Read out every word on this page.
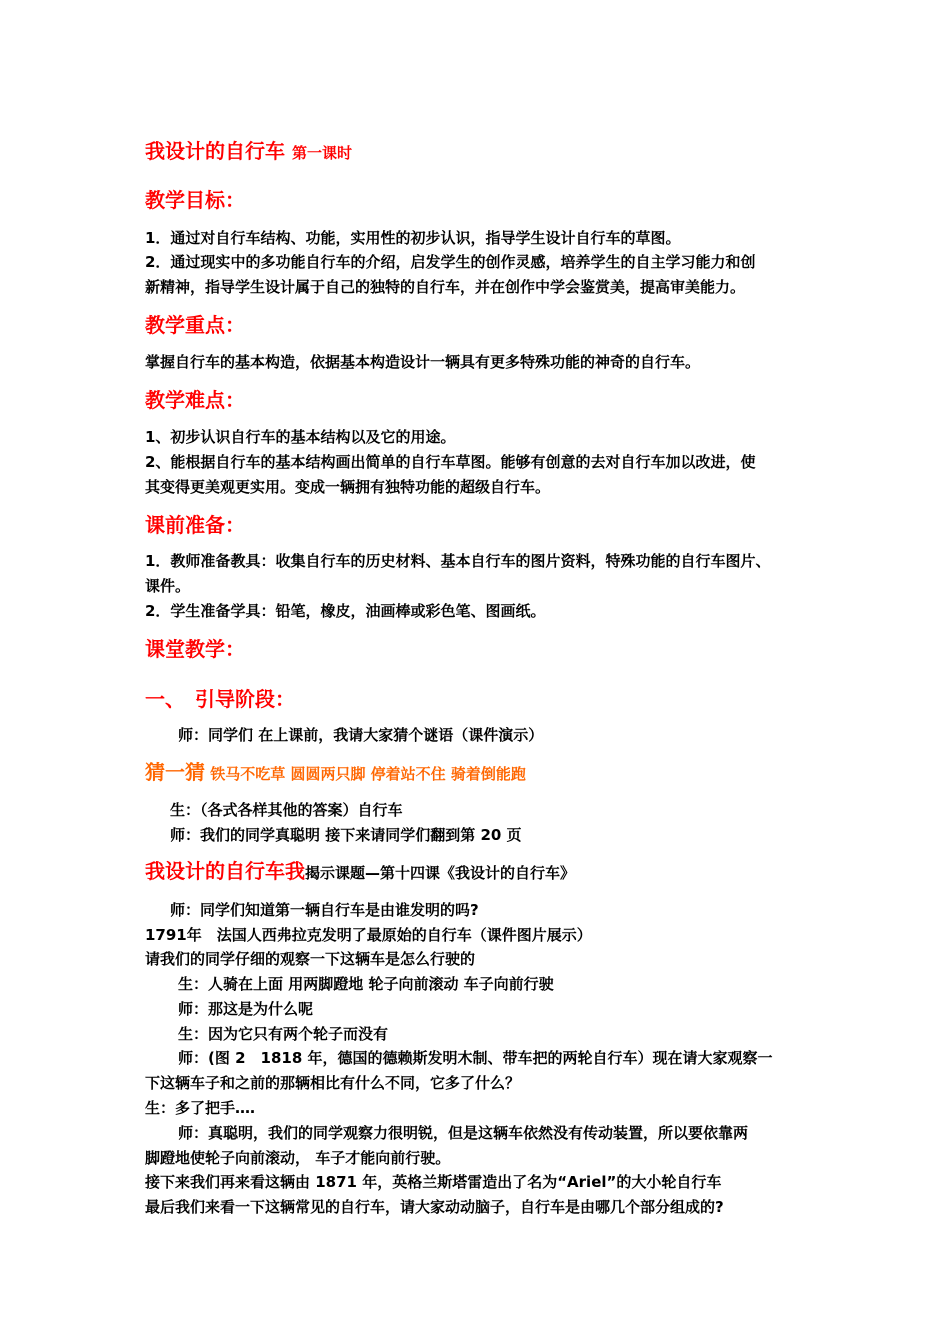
我设计的自行车 第一课时
教学目标：
1．通过对自行车结构、功能，实用性的初步认识，指导学生设计自行车的草图。
2．通过现实中的多功能自行车的介绍，启发学生的创作灵感，培养学生的自主学习能力和创
新精神，指导学生设计属于自己的独特的自行车，并在创作中学会鉴赏美，提高审美能力。
教学重点：
掌握自行车的基本构造，依据基本构造设计一辆具有更多特殊功能的神奇的自行车。
教学难点：
1、初步认识自行车的基本结构以及它的用途。
2、能根据自行车的基本结构画出简单的自行车草图。能够有创意的去对自行车加以改进，使
其变得更美观更实用。变成一辆拥有独特功能的超级自行车。
课前准备：
1．教师准备教具：收集自行车的历史材料、基本自行车的图片资料，特殊功能的自行车图片、
课件。
2．学生准备学具：铅笔，橡皮，油画棒或彩色笔、图画纸。
课堂教学：
一、　引导阶段：
师：同学们 在上课前，我请大家猜个谜语（课件演示）
猜一猜 铁马不吃草 圆圆两只脚 停着站不住 骑着倒能跑
生：（各式各样其他的答案）自行车
师：我们的同学真聪明 接下来请同学们翻到第 20 页
我设计的自行车我揭示课题—第十四课《我设计的自行车》
师：同学们知道第一辆自行车是由谁发明的吗?
1791年　法国人西弗拉克发明了最原始的自行车（课件图片展示）
请我们的同学仔细的观察一下这辆车是怎么行驶的
生：人骑在上面 用两脚蹬地 轮子向前滚动 车子向前行驶
师：那这是为什么呢
生：因为它只有两个轮子而没有
师：(图 2　1818 年，德国的德赖斯发明木制、带车把的两轮自行车）现在请大家观察一
下这辆车子和之前的那辆相比有什么不同，它多了什么？
生：多了把手‥‥
师：真聪明，我们的同学观察力很明锐，但是这辆车依然没有传动装置，所以要依靠两
脚蹬地使轮子向前滚动， 车子才能向前行驶。
接下来我们再来看这辆由 1871 年，英格兰斯塔雷造出了名为“Ariel”的大小轮自行车
最后我们来看一下这辆常见的自行车，请大家动动脑子，自行车是由哪几个部分组成的?
